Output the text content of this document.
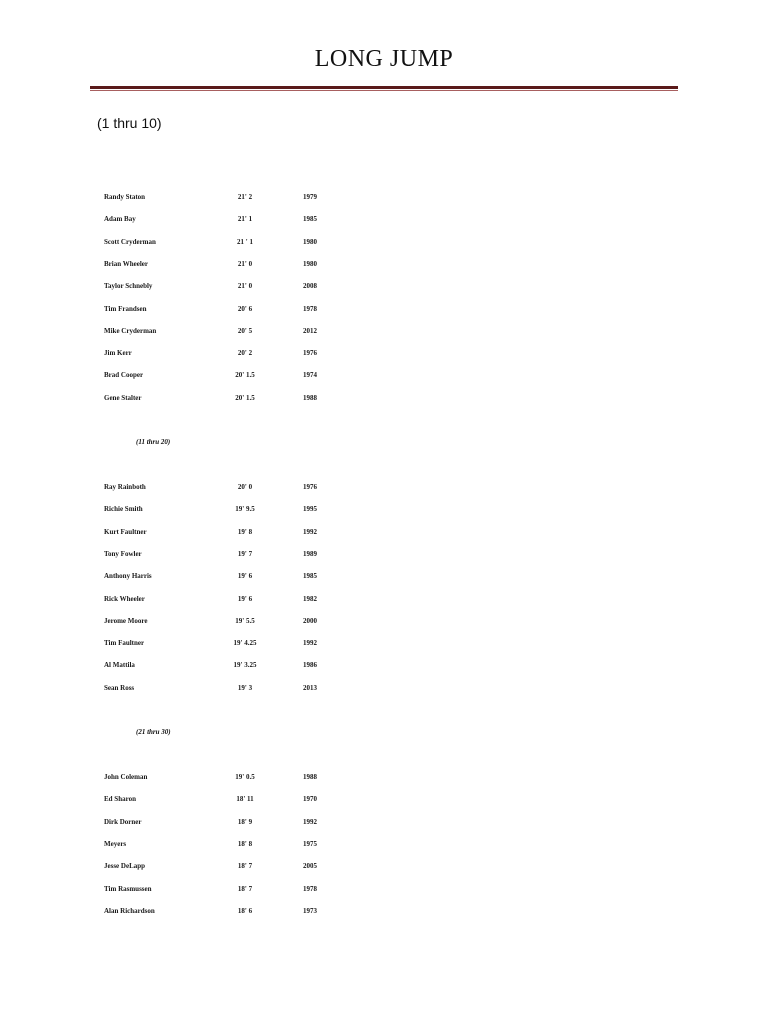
LONG JUMP
(1 thru 10)
(11 thru 20)
(21 thru 30)
Randy Staton	21' 2	1979
Adam Bay	21' 1	1985
Scott Cryderman	21 ' 1	1980
Brian Wheeler	21' 0	1980
Taylor Schnebly	21' 0	2008
Tim Frandsen	20' 6	1978
Mike Cryderman	20' 5	2012
Jim Kerr	20' 2	1976
Brad Cooper	20' 1.5	1974
Gene Stalter	20' 1.5	1988
Ray Rainboth	20' 0	1976
Richie Smith	19' 9.5	1995
Kurt Faultner	19' 8	1992
Tony Fowler	19' 7	1989
Anthony Harris	19' 6	1985
Rick Wheeler	19' 6	1982
Jerome Moore	19' 5.5	2000
Tim Faultner	19' 4.25	1992
Al Mattila	19' 3.25	1986
Sean Ross	19' 3	2013
John Coleman	19' 0.5	1988
Ed Sharon	18' 11	1970
Dirk Dorner	18' 9	1992
Meyers	18' 8	1975
Jesse DeLapp	18' 7	2005
Tim Rasmussen	18' 7	1978
Alan Richardson	18' 6	1973
